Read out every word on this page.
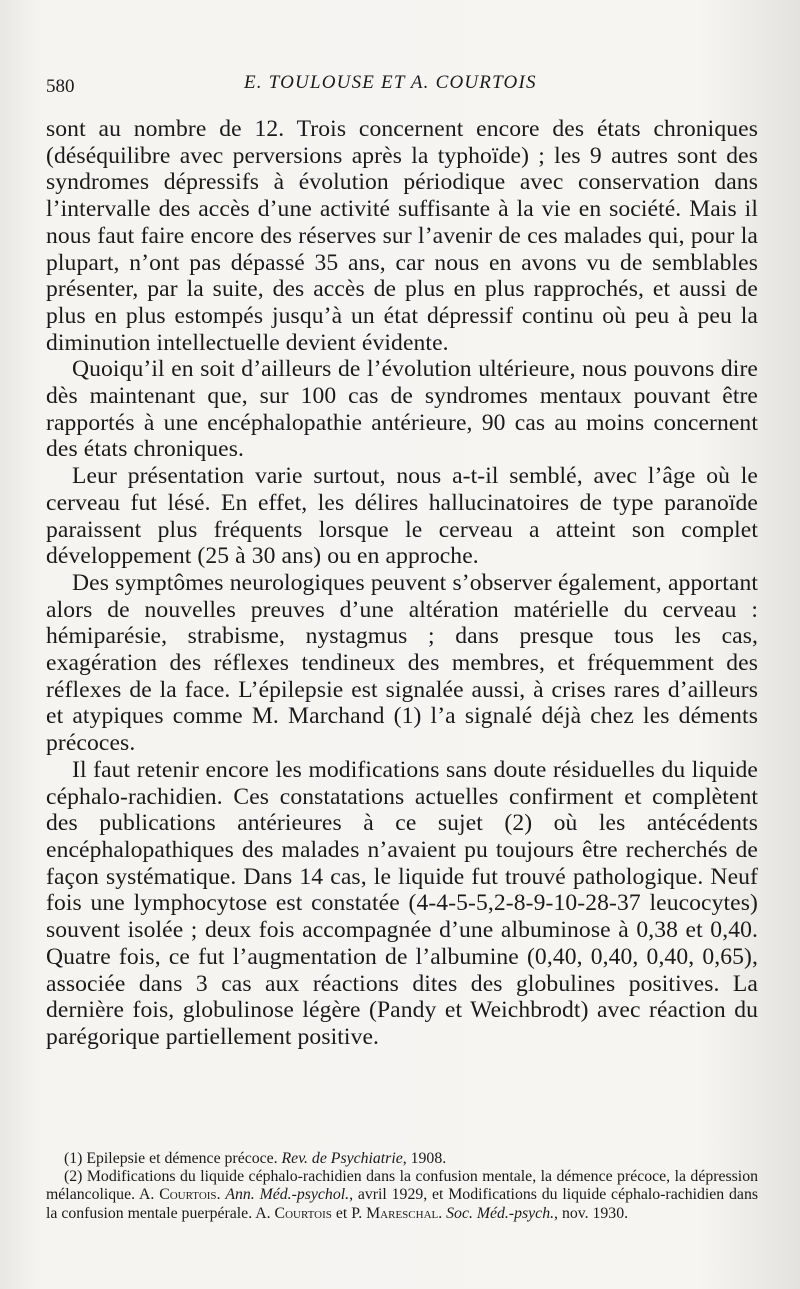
580	E. TOULOUSE ET A. COURTOIS

sont au nombre de 12. Trois concernent encore des états chroniques (déséquilibre avec perversions après la typhoïde) ; les 9 autres sont des syndromes dépressifs à évolution périodique avec conservation dans l’intervalle des accès d’une activité suffisante à la vie en société. Mais il nous faut faire encore des réserves sur l’avenir de ces malades qui, pour la plupart, n’ont pas dépassé 35 ans, car nous en avons vu de semblables présenter, par la suite, des accès de plus en plus rapprochés, et aussi de plus en plus estompés jusqu’à un état dépressif continu où peu à peu la diminution intellectuelle devient évidente.

Quoiqu’il en soit d’ailleurs de l’évolution ultérieure, nous pouvons dire dès maintenant que, sur 100 cas de syndromes mentaux pouvant être rapportés à une encéphalopathie antérieure, 90 cas au moins concernent des états chroniques.

Leur présentation varie surtout, nous a-t-il semblé, avec l’âge où le cerveau fut lésé. En effet, les délires hallucinatoires de type paranoïde paraissent plus fréquents lorsque le cerveau a atteint son complet développement (25 à 30 ans) ou en approche.

Des symptômes neurologiques peuvent s’observer également, apportant alors de nouvelles preuves d’une altération matérielle du cerveau : hémiparésie, strabisme, nystagmus ; dans presque tous les cas, exagération des réflexes tendineux des membres, et fréquemment des réflexes de la face. L’épilepsie est signalée aussi, à crises rares d’ailleurs et atypiques comme M. Marchand (1) l’a signalé déjà chez les déments précoces.

Il faut retenir encore les modifications sans doute résiduelles du liquide céphalo-rachidien. Ces constatations actuelles confirment et complètent des publications antérieures à ce sujet (2) où les antécédents encéphalopathiques des malades n’avaient pu toujours être recherchés de façon systématique. Dans 14 cas, le liquide fut trouvé pathologique. Neuf fois une lymphocytose est constatée (4-4-5-5,2-8-9-10-28-37 leucocytes) souvent isolée ; deux fois accompagnée d’une albuminose à 0,38 et 0,40. Quatre fois, ce fut l’augmentation de l’albumine (0,40, 0,40, 0,40, 0,65), associée dans 3 cas aux réactions dites des globulines positives. La dernière fois, globulinose légère (Pandy et Weichbrodt) avec réaction du parégorique partiellement positive.

(1) Epilepsie et démence précoce. Rev. de Psychiatrie, 1908.

(2) Modifications du liquide céphalo-rachidien dans la confusion mentale, la démence précoce, la dépression mélancolique. A. Courtois. Ann. Méd.-psychol., avril 1929, et Modifications du liquide céphalo-rachidien dans la confusion mentale puerpérale. A. Courtois et P. Mareschal. Soc. Méd.-psych., nov. 1930.
